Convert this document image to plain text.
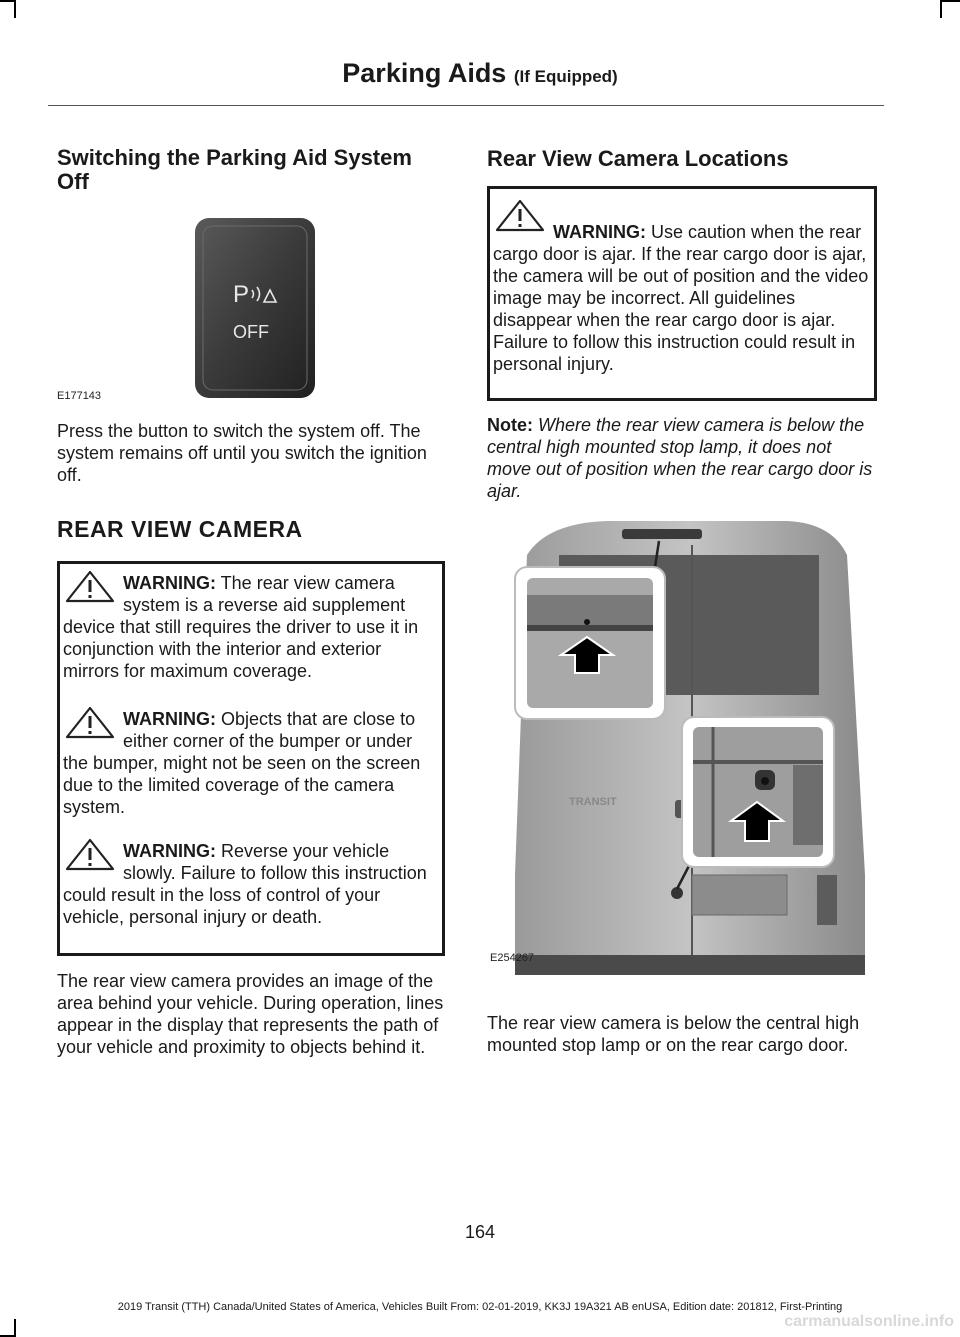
Parking Aids (If Equipped)
Switching the Parking Aid System Off
P
OFF
E177143

Press the button to switch the system off. The system remains off until you switch the ignition off.

REAR VIEW CAMERA
WARNING: The rear view camera system is a reverse aid supplement device that still requires the driver to use it in conjunction with the interior and exterior mirrors for maximum coverage.
WARNING: Objects that are close to either corner of the bumper or under the bumper, might not be seen on the screen due to the limited coverage of the camera system.
WARNING: Reverse your vehicle slowly. Failure to follow this instruction could result in the loss of control of your vehicle, personal injury or death.

The rear view camera provides an image of the area behind your vehicle. During operation, lines appear in the display that represents the path of your vehicle and proximity to objects behind it.

Rear View Camera Locations
WARNING: Use caution when the rear cargo door is ajar. If the rear cargo door is ajar, the camera will be out of position and the video image may be incorrect. All guidelines disappear when the rear cargo door is ajar. Failure to follow this instruction could result in personal injury.
Note: Where the rear view camera is below the central high mounted stop lamp, it does not move out of position when the rear cargo door is ajar.
TRANSIT
E254267

The rear view camera is below the central high mounted stop lamp or on the rear cargo door.

164
2019 Transit (TTH) Canada/United States of America, Vehicles Built From: 02-01-2019, KK3J 19A321 AB enUSA, Edition date: 201812, First-Printing
carmanualsonline.info
